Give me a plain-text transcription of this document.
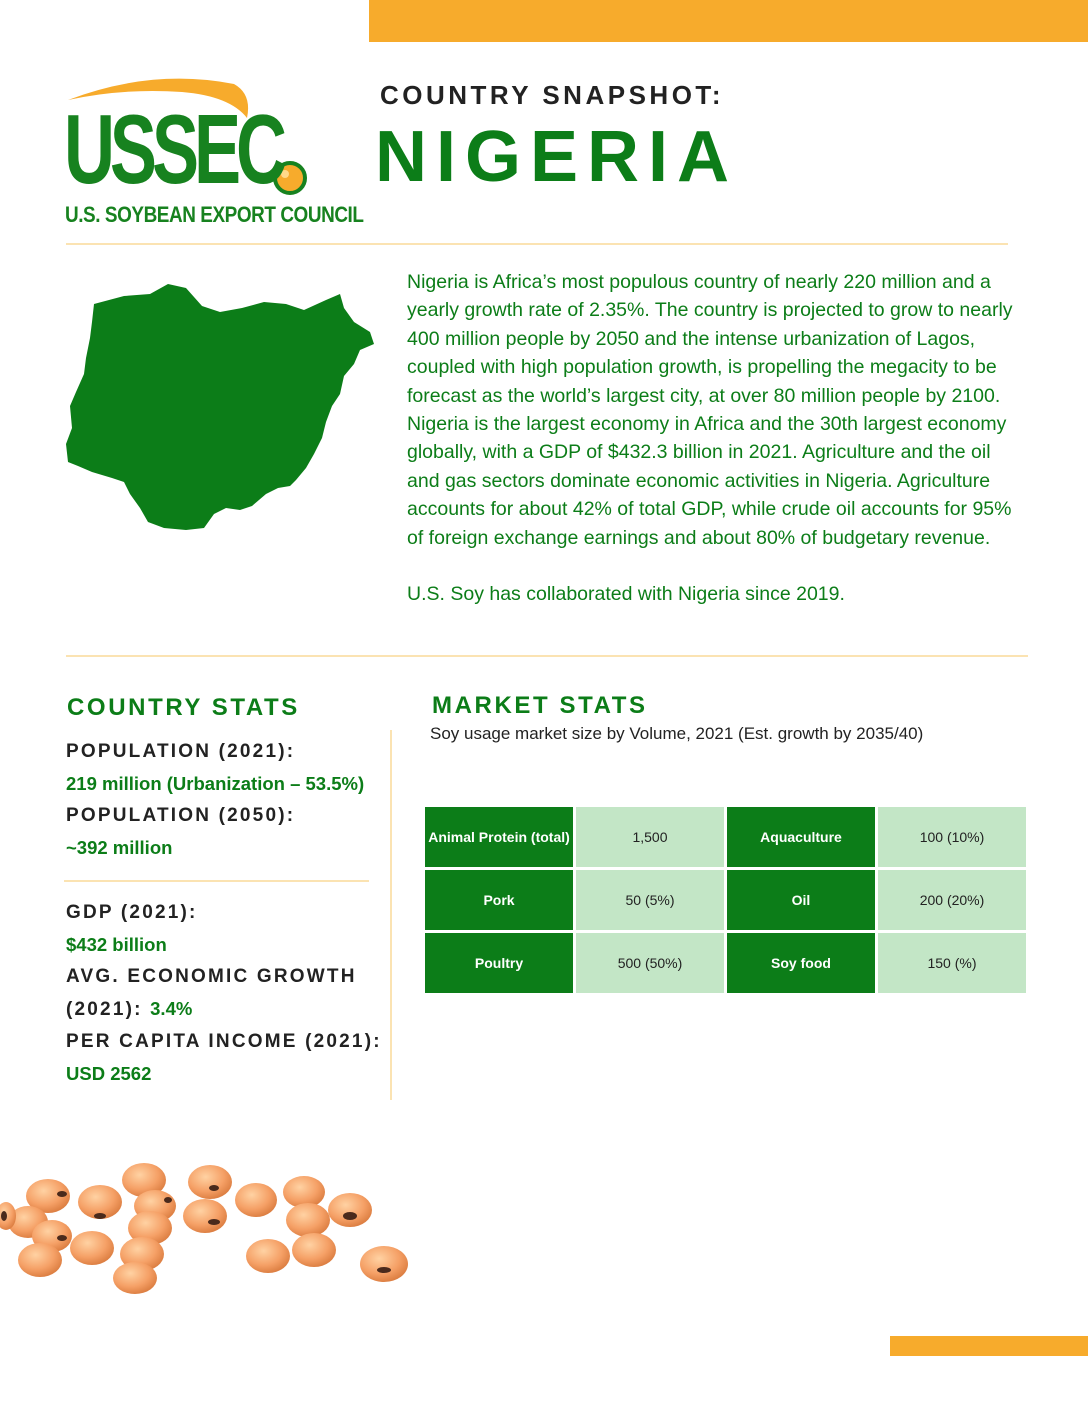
USSEC
U.S. SOYBEAN EXPORT COUNCIL
COUNTRY SNAPSHOT:
NIGERIA

Nigeria is Africa’s most populous country of nearly 220 million and a yearly growth rate of 2.35%. The country is projected to grow to nearly 400 million people by 2050 and the intense urbanization of Lagos, coupled with high population growth, is propelling the megacity to be forecast as the world’s largest city, at over 80 million people by 2100. Nigeria is the largest economy in Africa and the 30th largest economy globally, with a GDP of $432.3 billion in 2021. Agriculture and the oil and gas sectors dominate economic activities in Nigeria. Agriculture accounts for about 42% of total GDP, while crude oil accounts for 95% of foreign exchange earnings and about 80% of budgetary revenue.

U.S. Soy has collaborated with Nigeria since 2019.

COUNTRY STATS
POPULATION (2021):
219 million (Urbanization – 53.5%)
POPULATION (2050):
~392 million
GDP (2021):
$432 billion
AVG. ECONOMIC GROWTH
(2021): 3.4%
PER CAPITA INCOME (2021):
USD 2562
MARKET STATS
Soy usage market size by Volume, 2021 (Est. growth by 2035/40)
Animal Protein (total)	1,500	Aquaculture	100 (10%)
Pork	50 (5%)	Oil	200 (20%)
Poultry	500 (50%)	Soy food	150 (%)
